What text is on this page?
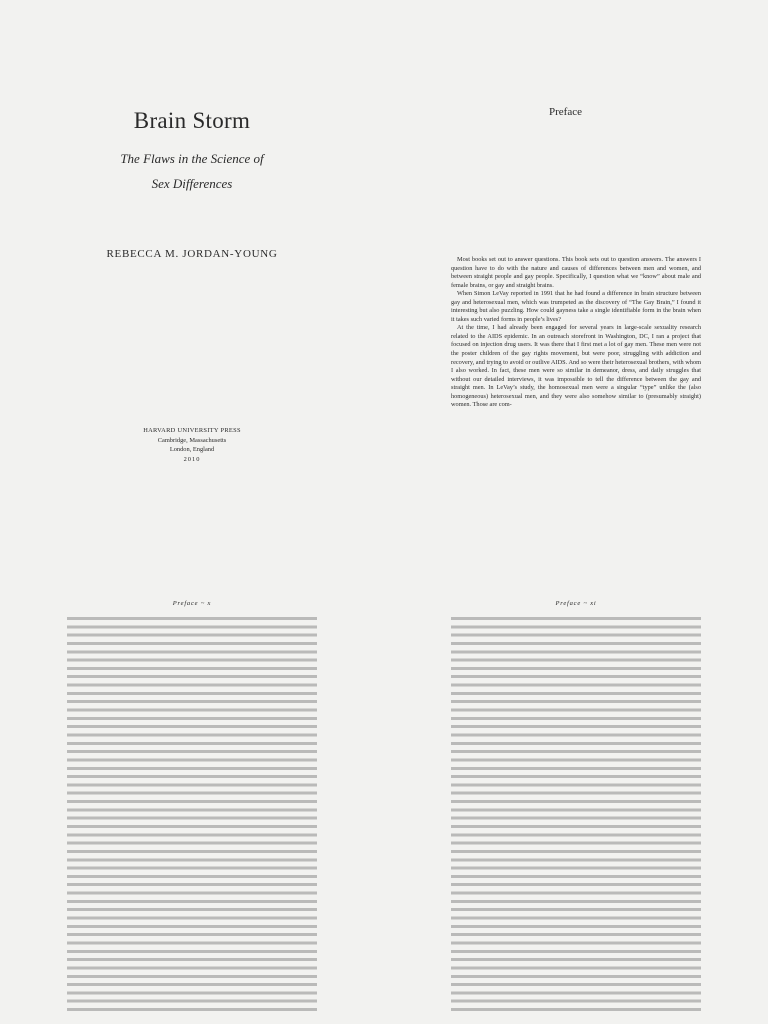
Brain Storm
The Flaws in the Science of
Sex Differences
REBECCA M. JORDAN-YOUNG
HARVARD UNIVERSITY PRESS
Cambridge, Massachusetts
London, England
2010
Preface

Most books set out to answer questions. This book sets out to question answers. The answers I question have to do with the nature and causes of differences between men and women, and between straight people and gay people. Specifically, I question what we “know” about male and female brains, or gay and straight brains.

When Simon LeVay reported in 1991 that he had found a difference in brain structure between gay and heterosexual men, which was trumpeted as the discovery of “The Gay Brain,” I found it interesting but also puzzling. How could gayness take a single identifiable form in the brain when it takes such varied forms in people’s lives?

At the time, I had already been engaged for several years in large-scale sexuality research related to the AIDS epidemic. In an outreach storefront in Washington, DC, I ran a project that focused on injection drug users. It was there that I first met a lot of gay men. These men were not the poster children of the gay rights movement, but were poor, struggling with addiction and recovery, and trying to avoid or outlive AIDS. And so were their heterosexual brothers, with whom I also worked. In fact, these men were so similar in demeanor, dress, and daily struggles that without our detailed interviews, it was impossible to tell the difference between the gay and straight men. In LeVay’s study, the homosexual men were a singular “type” unlike the (also homogeneous) heterosexual men, and they were also somehow similar to (presumably straight) women. Those are com-

Preface ~ x	Preface ~ xi
